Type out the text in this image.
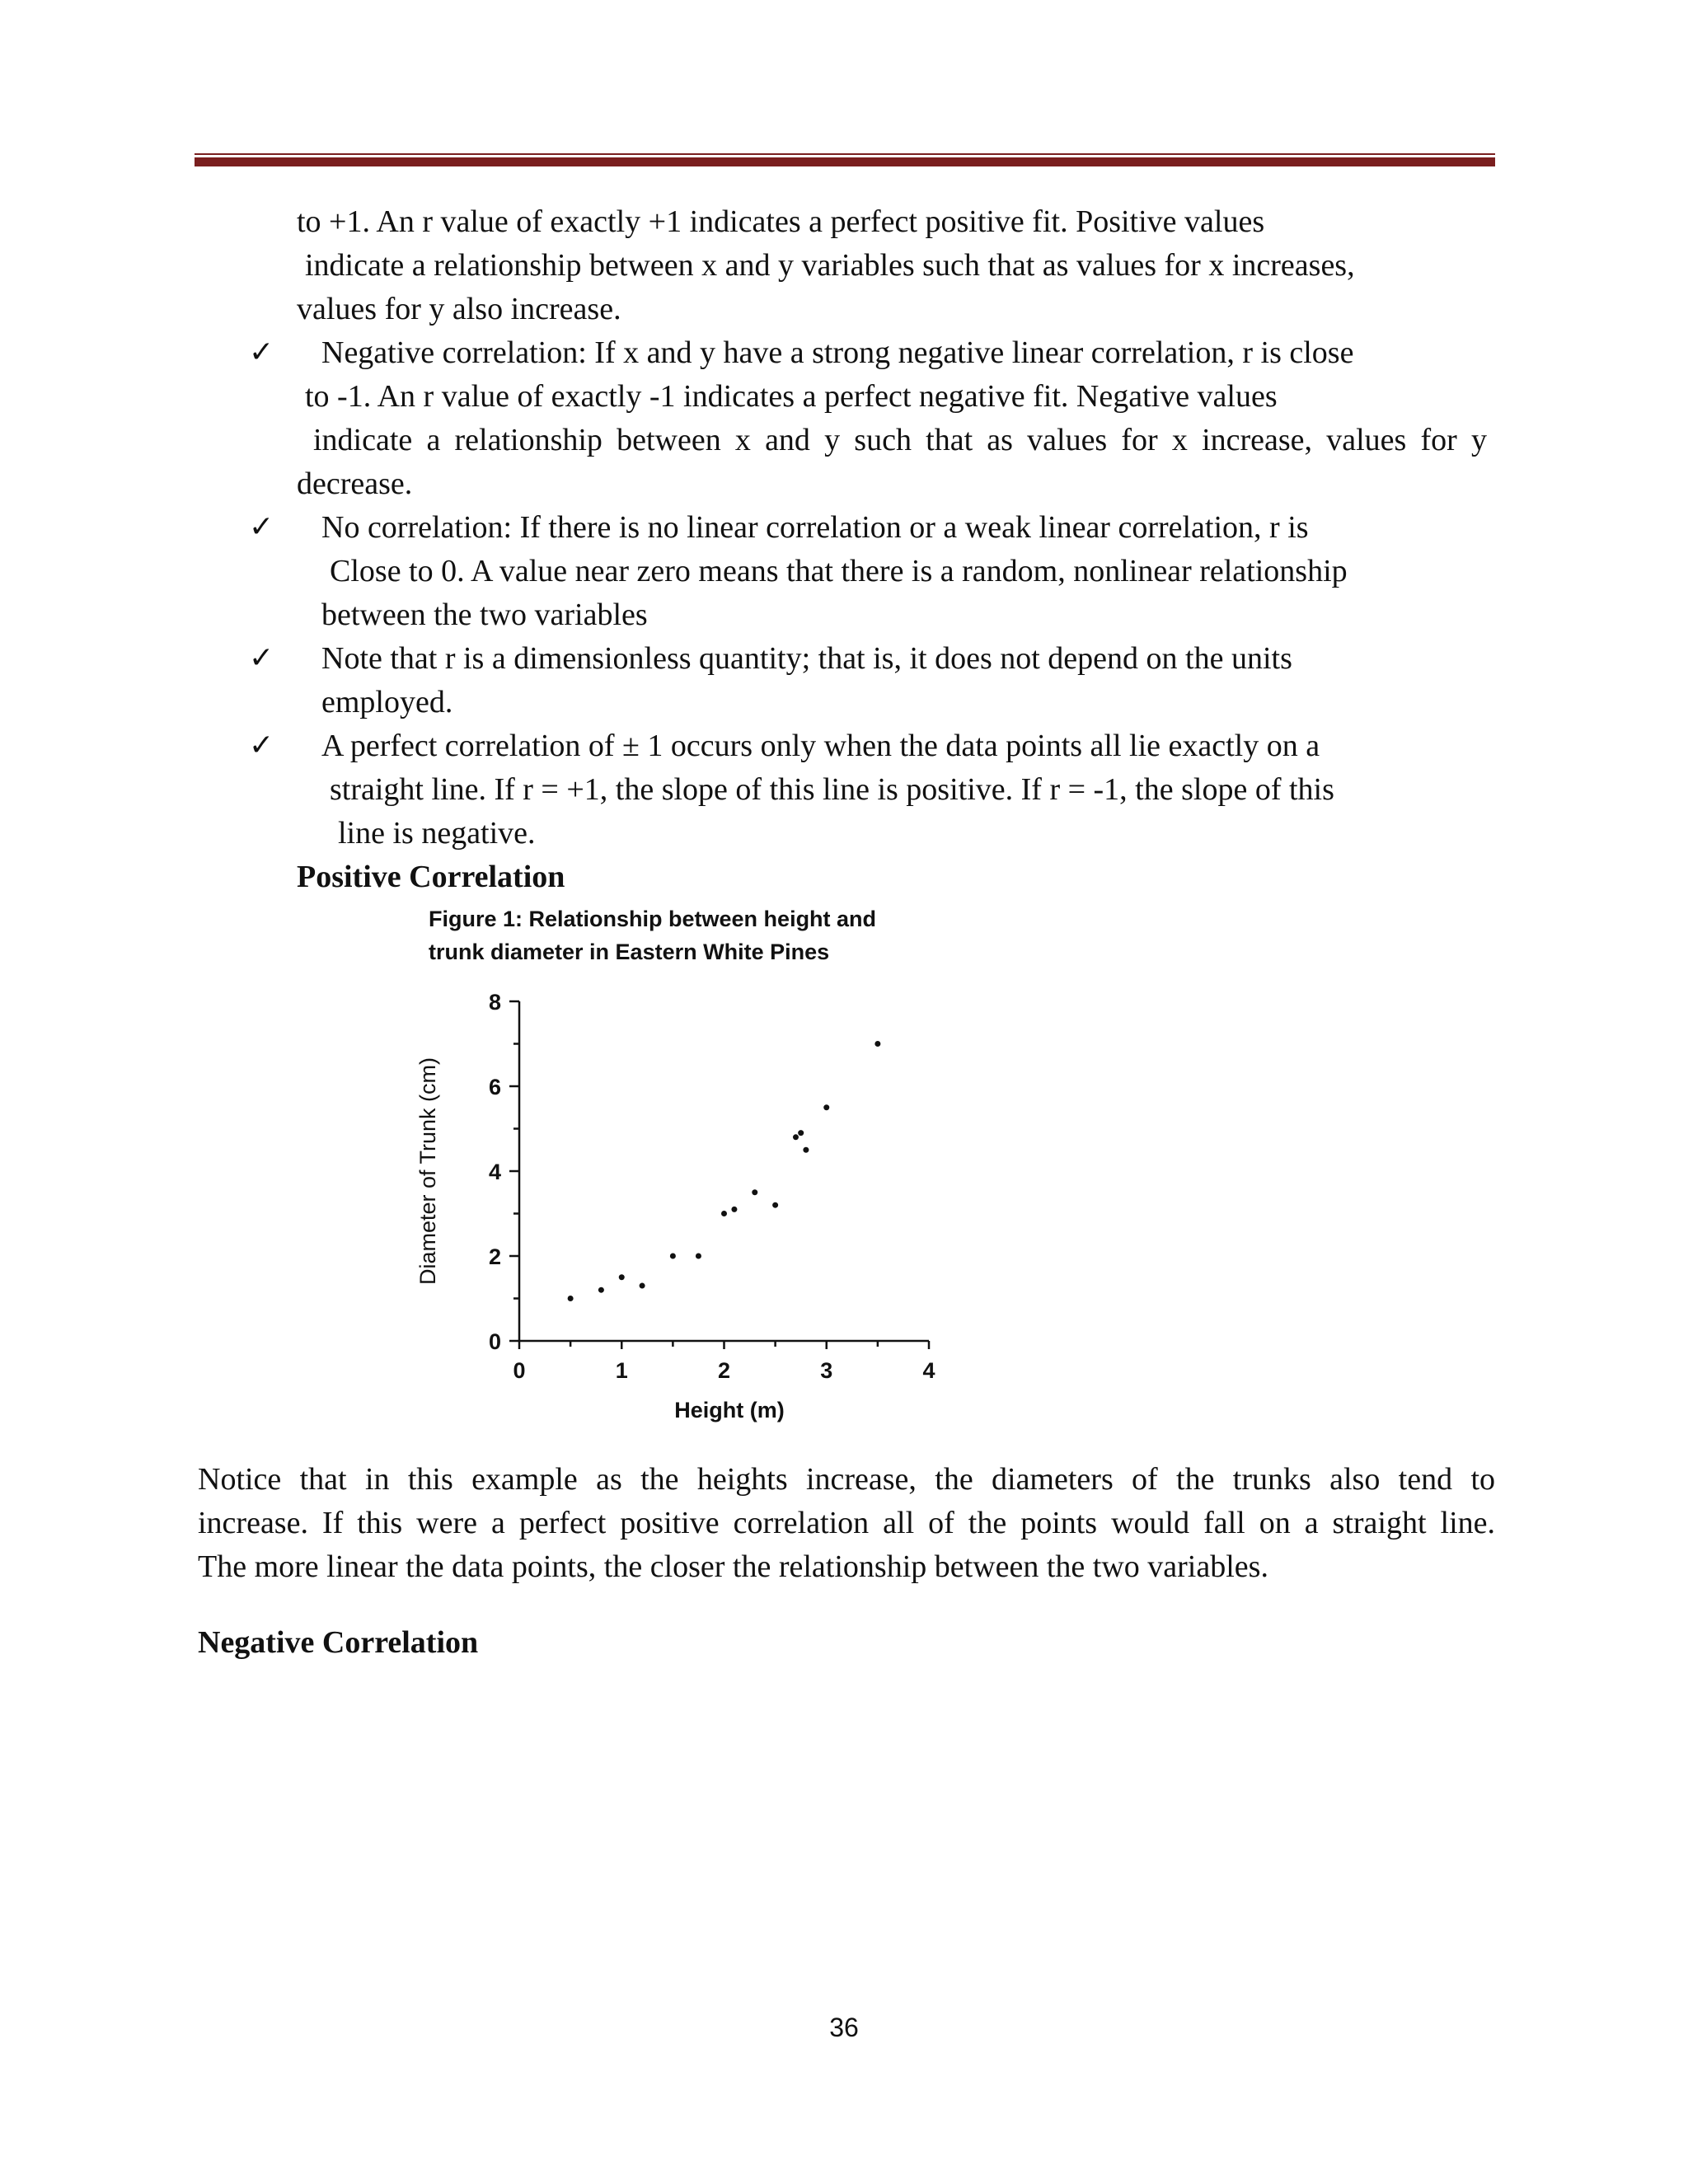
to +1. An r value of exactly +1 indicates a perfect positive fit. Positive values
indicate a relationship between x and y variables such that as values for x increases,
values for y also increase.
✓ Negative correlation: If x and y have a strong negative linear correlation, r is close
to -1. An r value of exactly -1 indicates a perfect negative fit. Negative values
indicate a relationship between x and y such that as values for x increase, values for y
decrease.
✓ No correlation: If there is no linear correlation or a weak linear correlation, r is
Close to 0. A value near zero means that there is a random, nonlinear relationship
between the two variables
✓ Note that r is a dimensionless quantity; that is, it does not depend on the units
employed.
✓ A perfect correlation of ± 1 occurs only when the data points all lie exactly on a
straight line. If r = +1, the slope of this line is positive. If r = -1, the slope of this
line is negative.
Positive Correlation
Figure 1: Relationship between height and
trunk diameter in Eastern White Pines
Height (m)
Diameter of Trunk (cm)
0	1	2	3	4
0
2
4
6
8
Notice that in this example as the heights increase, the diameters of the trunks also tend to
increase. If this were a perfect positive correlation all of the points would fall on a straight line.
The more linear the data points, the closer the relationship between the two variables.
Negative Correlation
36
